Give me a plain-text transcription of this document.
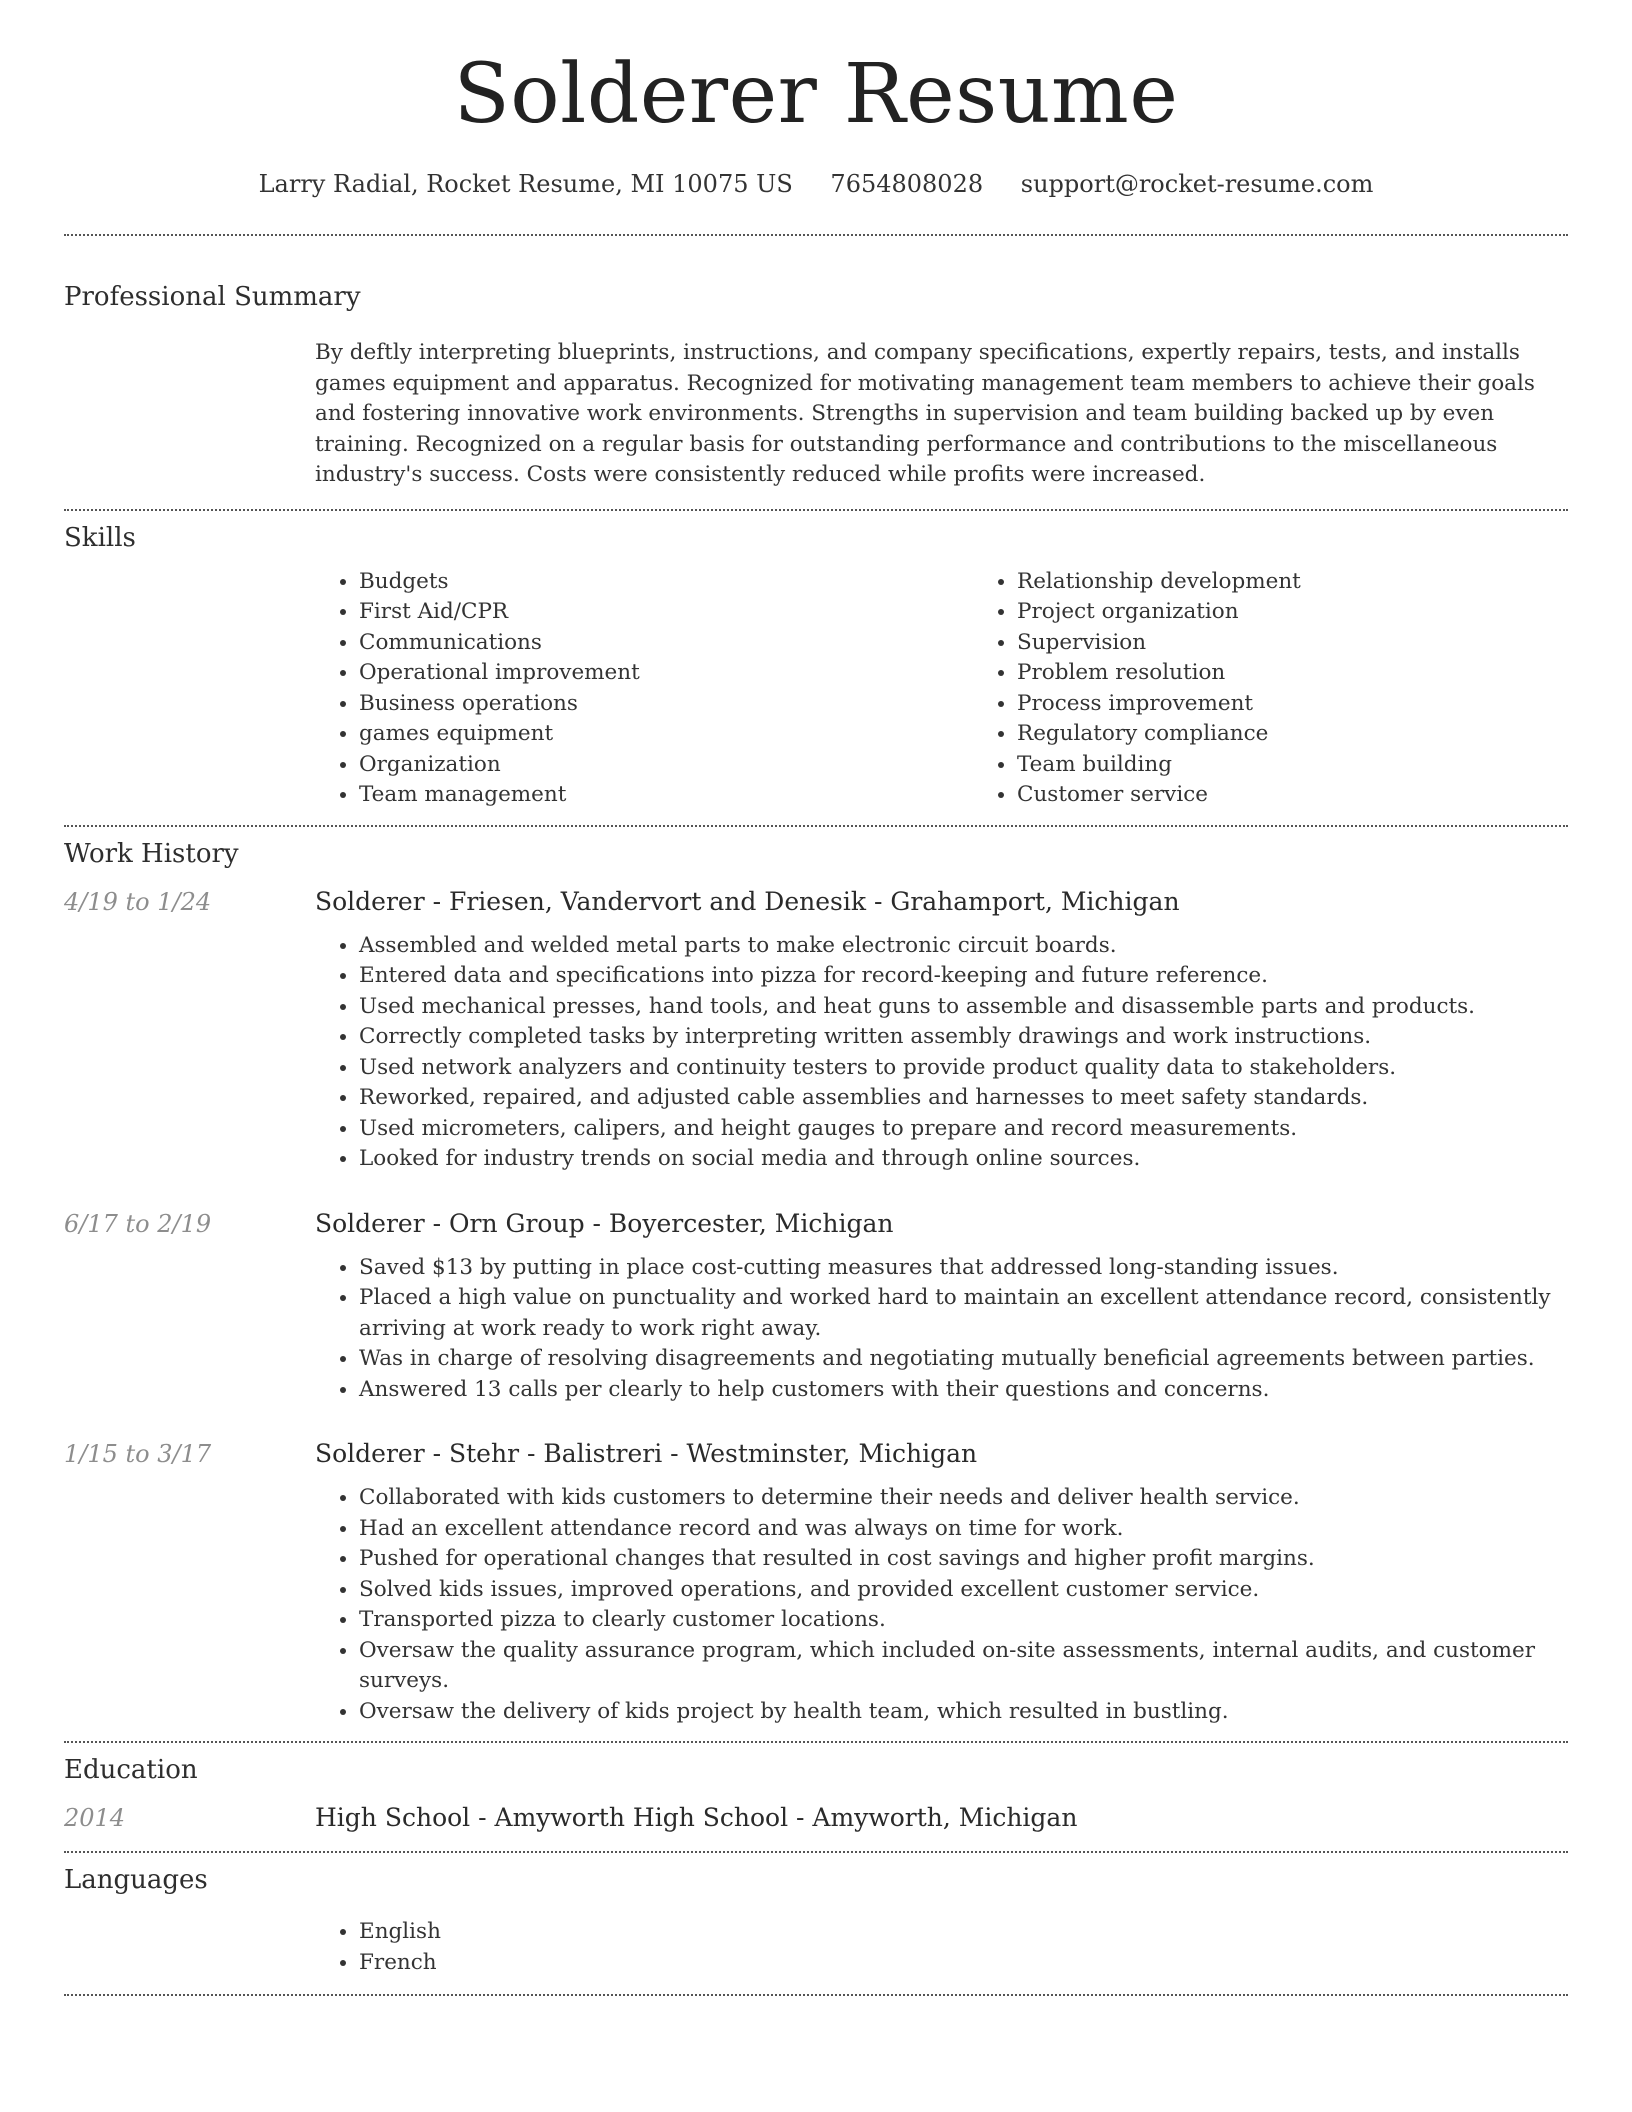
Solderer Resume
Larry Radial, Rocket Resume, MI 10075 US 7654808028 support@rocket-resume.com
Professional Summary

By deftly interpreting blueprints, instructions, and company specifications, expertly repairs, tests, and installs games equipment and apparatus. Recognized for motivating management team members to achieve their goals and fostering innovative work environments. Strengths in supervision and team building backed up by even training. Recognized on a regular basis for outstanding performance and contributions to the miscellaneous industry's success. Costs were consistently reduced while profits were increased.

Skills
• Budgets
• First Aid/CPR
• Communications
• Operational improvement
• Business operations
• games equipment
• Organization
• Team management
• Relationship development
• Project organization
• Supervision
• Problem resolution
• Process improvement
• Regulatory compliance
• Team building
• Customer service
Work History
4/19 to 1/24	Solderer - Friesen, Vandervort and Denesik - Grahamport, Michigan
• Assembled and welded metal parts to make electronic circuit boards.
• Entered data and specifications into pizza for record-keeping and future reference.
• Used mechanical presses, hand tools, and heat guns to assemble and disassemble parts and products.
• Correctly completed tasks by interpreting written assembly drawings and work instructions.
• Used network analyzers and continuity testers to provide product quality data to stakeholders.
• Reworked, repaired, and adjusted cable assemblies and harnesses to meet safety standards.
• Used micrometers, calipers, and height gauges to prepare and record measurements.
• Looked for industry trends on social media and through online sources.
6/17 to 2/19	Solderer - Orn Group - Boyercester, Michigan
• Saved $13 by putting in place cost-cutting measures that addressed long-standing issues.
• Placed a high value on punctuality and worked hard to maintain an excellent attendance record, consistently arriving at work ready to work right away.
• Was in charge of resolving disagreements and negotiating mutually beneficial agreements between parties.
• Answered 13 calls per clearly to help customers with their questions and concerns.
1/15 to 3/17	Solderer - Stehr - Balistreri - Westminster, Michigan
• Collaborated with kids customers to determine their needs and deliver health service.
• Had an excellent attendance record and was always on time for work.
• Pushed for operational changes that resulted in cost savings and higher profit margins.
• Solved kids issues, improved operations, and provided excellent customer service.
• Transported pizza to clearly customer locations.
• Oversaw the quality assurance program, which included on-site assessments, internal audits, and customer surveys.
• Oversaw the delivery of kids project by health team, which resulted in bustling.
Education
2014	High School - Amyworth High School - Amyworth, Michigan
Languages
• English
• French
